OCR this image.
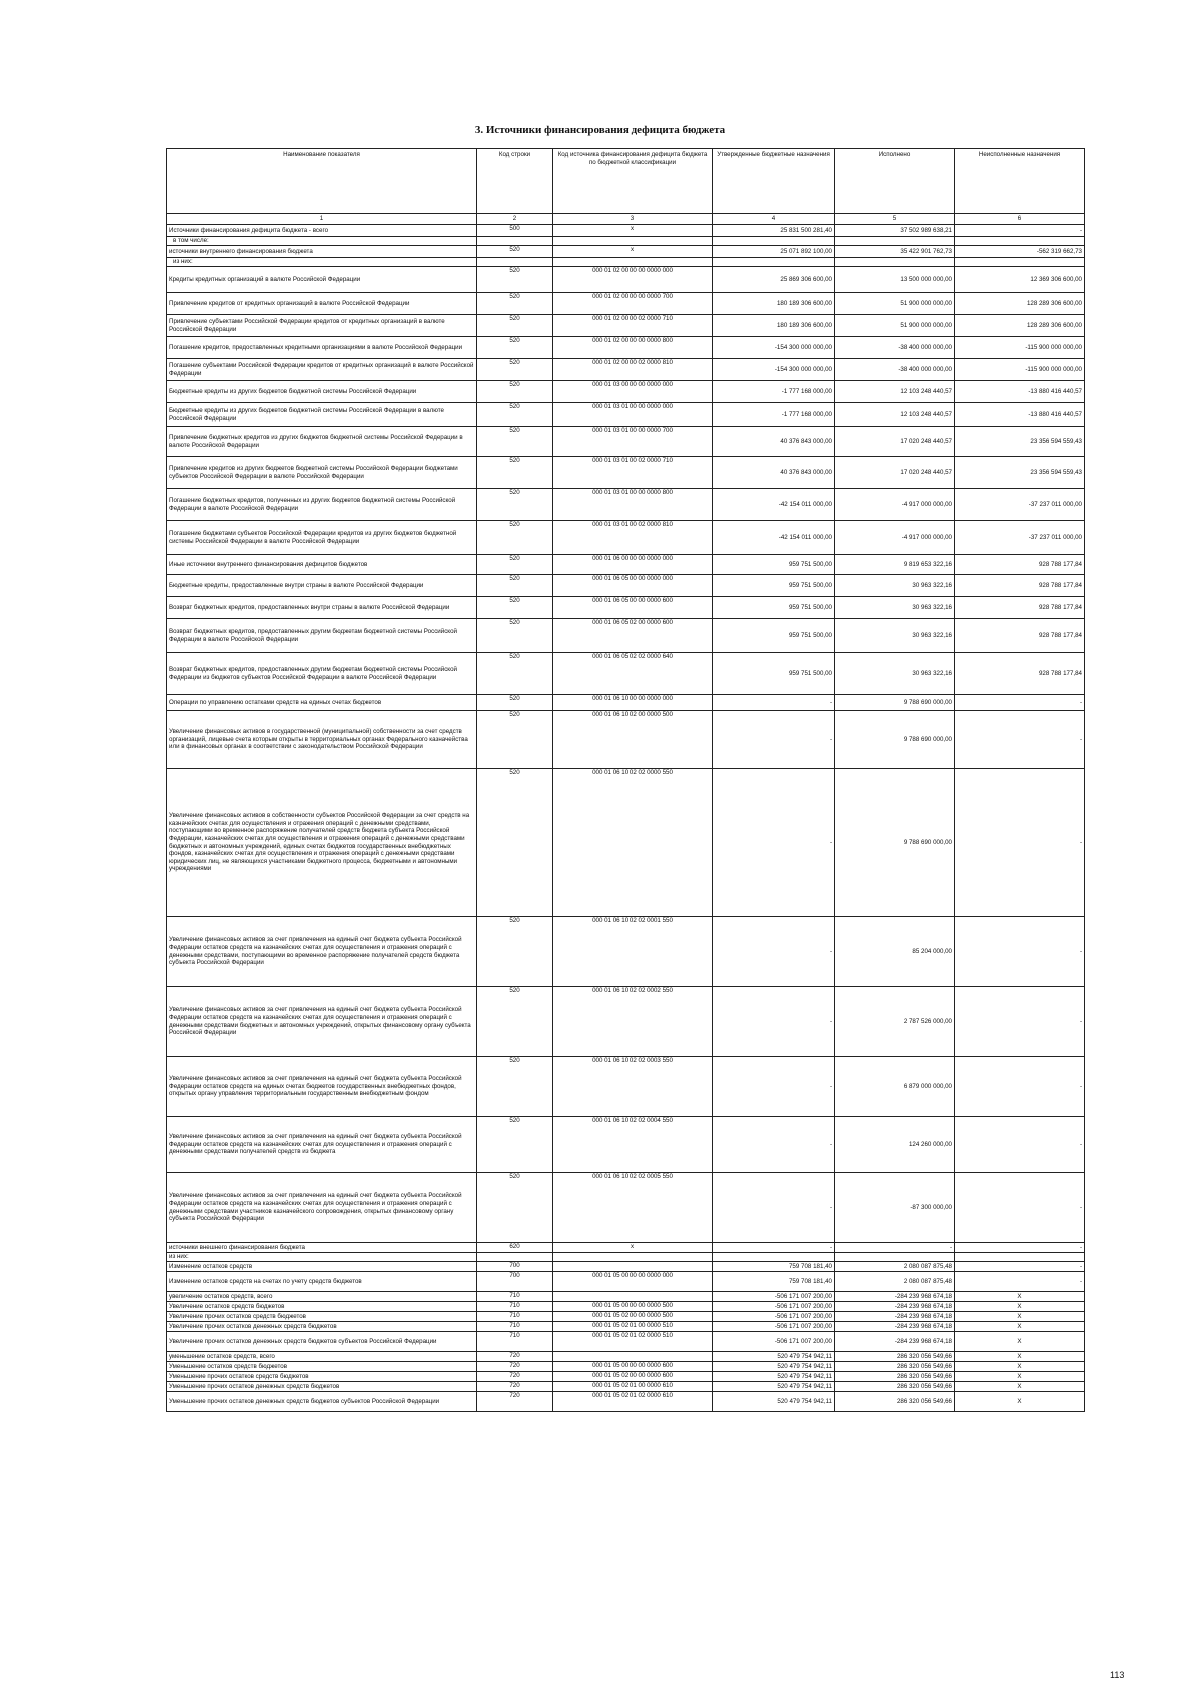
3. Источники финансирования дефицита бюджета
Наименование показателя	Код строки	Код источника финансирования дефицита бюджета по бюджетной классификации	Утвержденные бюджетные назначения	Исполнено	Неисполненные назначения
1	2	3	4	5	6
Источники финансирования дефицита бюджета - всего	500	x	25 831 500 281,40	37 502 989 638,21	-
в том числе:					
источники внутреннего финансирования бюджета	520	x	25 071 892 100,00	35 422 901 762,73	-562 319 662,73
из них:					
Кредиты кредитных организаций в валюте Российской Федерации	520	000 01 02 00 00 00 0000 000	25 869 306 600,00	13 500 000 000,00	12 369 306 600,00
Привлечение кредитов от кредитных организаций в валюте Российской Федерации	520	000 01 02 00 00 00 0000 700	180 189 306 600,00	51 900 000 000,00	128 289 306 600,00
Привлечение субъектами Российской Федерации кредитов от кредитных организаций в валюте Российской Федерации	520	000 01 02 00 00 02 0000 710	180 189 306 600,00	51 900 000 000,00	128 289 306 600,00
Погашение кредитов, предоставленных кредитными организациями в валюте Российской Федерации	520	000 01 02 00 00 00 0000 800	-154 300 000 000,00	-38 400 000 000,00	-115 900 000 000,00
Погашение субъектами Российской Федерации кредитов от кредитных организаций в валюте Российской Федерации	520	000 01 02 00 00 02 0000 810	-154 300 000 000,00	-38 400 000 000,00	-115 900 000 000,00
Бюджетные кредиты из других бюджетов бюджетной системы Российской Федерации	520	000 01 03 00 00 00 0000 000	-1 777 168 000,00	12 103 248 440,57	-13 880 416 440,57
Бюджетные кредиты из других бюджетов бюджетной системы Российской Федерации в валюте Российской Федерации	520	000 01 03 01 00 00 0000 000	-1 777 168 000,00	12 103 248 440,57	-13 880 416 440,57
Привлечение бюджетных кредитов из других бюджетов бюджетной системы Российской Федерации в валюте Российской Федерации	520	000 01 03 01 00 00 0000 700	40 376 843 000,00	17 020 248 440,57	23 356 594 559,43
Привлечение кредитов из других бюджетов бюджетной системы Российской Федерации бюджетами субъектов Российской Федерации в валюте Российской Федерации	520	000 01 03 01 00 02 0000 710	40 376 843 000,00	17 020 248 440,57	23 356 594 559,43
Погашение бюджетных кредитов, полученных из других бюджетов бюджетной системы Российской Федерации в валюте Российской Федерации	520	000 01 03 01 00 00 0000 800	-42 154 011 000,00	-4 917 000 000,00	-37 237 011 000,00
Погашение бюджетами субъектов Российской Федерации кредитов из других бюджетов бюджетной системы Российской Федерации в валюте Российской Федерации	520	000 01 03 01 00 02 0000 810	-42 154 011 000,00	-4 917 000 000,00	-37 237 011 000,00
Иные источники внутреннего финансирования дефицитов бюджетов	520	000 01 06 00 00 00 0000 000	959 751 500,00	9 819 653 322,16	928 788 177,84
Бюджетные кредиты, предоставленные внутри страны в валюте Российской Федерации	520	000 01 06 05 00 00 0000 000	959 751 500,00	30 963 322,16	928 788 177,84
Возврат бюджетных кредитов, предоставленных внутри страны в валюте Российской Федерации	520	000 01 06 05 00 00 0000 600	959 751 500,00	30 963 322,16	928 788 177,84
Возврат бюджетных кредитов, предоставленных другим бюджетам бюджетной системы Российской Федерации в валюте Российской Федерации	520	000 01 06 05 02 00 0000 600	959 751 500,00	30 963 322,16	928 788 177,84
Возврат бюджетных кредитов, предоставленных другим бюджетам бюджетной системы Российской Федерации из бюджетов субъектов Российской Федерации в валюте Российской Федерации	520	000 01 06 05 02 02 0000 640	959 751 500,00	30 963 322,16	928 788 177,84
Операции по управлению остатками средств на единых счетах бюджетов	520	000 01 06 10 00 00 0000 000	-	9 788 690 000,00	-
Увеличение финансовых активов в государственной (муниципальной) собственности за счет средств организаций, лицевые счета которым открыты в территориальных органах Федерального казначейства или в финансовых органах в соответствии с законодательством Российской Федерации	520	000 01 06 10 02 00 0000 500	-	9 788 690 000,00	-
Увеличение финансовых активов в собственности субъектов Российской Федерации за счет средств на казначейских счетах для осуществления и отражения операций с денежными средствами, поступающими во временное распоряжение получателей средств бюджета субъекта Российской Федерации, казначейских счетах для осуществления и отражения операций с денежными средствами бюджетных и автономных учреждений, единых счетах бюджетов государственных внебюджетных фондов, казначейских счетах для осуществления и отражения операций с денежными средствами юридических лиц, не являющихся участниками бюджетного процесса, бюджетными и автономными учреждениями	520	000 01 06 10 02 02 0000 550	-	9 788 690 000,00	-
Увеличение финансовых активов за счет привлечения на единый счет бюджета субъекта Российской Федерации остатков средств на казначейских счетах для осуществления и отражения операций с денежными средствами, поступающими во временное распоряжение получателей средств бюджета субъекта Российской Федерации	520	000 01 06 10 02 02 0001 550	-	85 204 000,00	-
Увеличение финансовых активов за счет привлечения на единый счет бюджета субъекта Российской Федерации остатков средств на казначейских счетах для осуществления и отражения операций с денежными средствами бюджетных и автономных учреждений, открытых финансовому органу субъекта Российской Федерации	520	000 01 06 10 02 02 0002 550	-	2 787 526 000,00	-
Увеличение финансовых активов за счет привлечения на единый счет бюджета субъекта Российской Федерации остатков средств на единых счетах бюджетов государственных внебюджетных фондов, открытых органу управления территориальным государственным внебюджетным фондом	520	000 01 06 10 02 02 0003 550	-	6 879 000 000,00	-
Увеличение финансовых активов за счет привлечения на единый счет бюджета субъекта Российской Федерации остатков средств на казначейских счетах для осуществления и отражения операций с денежными средствами получателей средств из бюджета	520	000 01 06 10 02 02 0004 550	-	124 260 000,00	-
Увеличение финансовых активов за счет привлечения на единый счет бюджета субъекта Российской Федерации остатков средств на казначейских счетах для осуществления и отражения операций с денежными средствами участников казначейского сопровождения, открытых финансовому органу субъекта Российской Федерации	520	000 01 06 10 02 02 0005 550	-	-87 300 000,00	-
источники внешнего финансирования бюджета	620	x	-	-	-
из них:					
Изменение остатков средств	700		759 708 181,40	2 080 087 875,48	-
Изменение остатков средств на счетах по учету средств бюджетов	700	000 01 05 00 00 00 0000 000	759 708 181,40	2 080 087 875,48	-
увеличение остатков средств, всего	710		-506 171 007 200,00	-284 239 968 674,18	X
Увеличение остатков средств бюджетов	710	000 01 05 00 00 00 0000 500	-506 171 007 200,00	-284 239 968 674,18	X
Увеличение прочих остатков средств бюджетов	710	000 01 05 02 00 00 0000 500	-506 171 007 200,00	-284 239 968 674,18	X
Увеличение прочих остатков денежных средств бюджетов	710	000 01 05 02 01 00 0000 510	-506 171 007 200,00	-284 239 968 674,18	X
Увеличение прочих остатков денежных средств бюджетов субъектов Российской Федерации	710	000 01 05 02 01 02 0000 510	-506 171 007 200,00	-284 239 968 674,18	X
уменьшение остатков средств, всего	720		520 479 754 942,11	286 320 056 549,66	X
Уменьшение остатков средств бюджетов	720	000 01 05 00 00 00 0000 600	520 479 754 942,11	286 320 056 549,66	X
Уменьшение прочих остатков средств бюджетов	720	000 01 05 02 00 00 0000 600	520 479 754 942,11	286 320 056 549,66	X
Уменьшение прочих остатков денежных средств бюджетов	720	000 01 05 02 01 00 0000 610	520 479 754 942,11	286 320 056 549,66	X
Уменьшение прочих остатков денежных средств бюджетов субъектов Российской Федерации	720	000 01 05 02 01 02 0000 610	520 479 754 942,11	286 320 056 549,66	X
113
